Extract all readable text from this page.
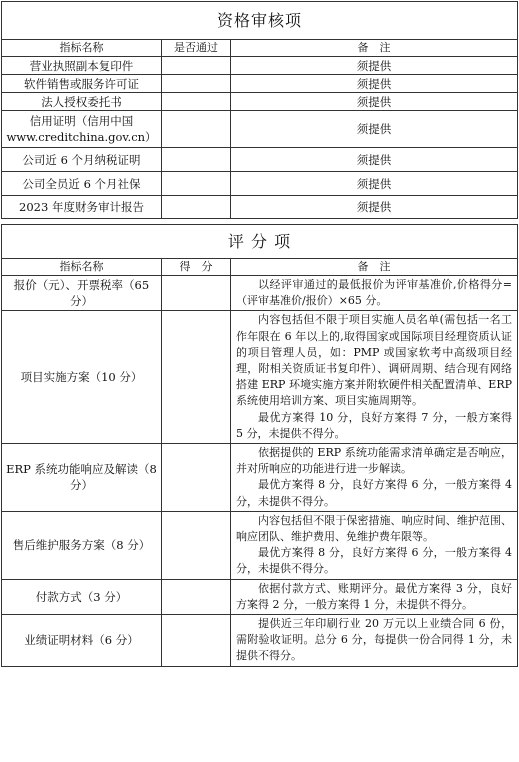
资格审核项		
指标名称	是否通过	备　注
营业执照副本复印件		须提供
软件销售或服务许可证		须提供
法人授权委托书		须提供
信用证明（信用中国 www.creditchina.gov.cn）		须提供
公司近 6 个月纳税证明		须提供
公司全员近 6 个月社保		须提供
2023 年度财务审计报告		须提供
评 分 项		
指标名称	得　分	备　注
报价（元）、开票税率（65 分）		以经评审通过的最低报价为评审基准价,价格得分=（评审基准价/报价）×65 分。

项目实施方案（10 分）		内容包括但不限于项目实施人员名单(需包括一名工作年限在 6 年以上的,取得国家或国际项目经理资质认证的项目管理人员，如：PMP 或国家软考中高级项目经理，附相关资质证书复印件）、调研周期、结合现有网络搭建 ERP 环境实施方案并附软硬件相关配置清单、ERP 系统使用培训方案、项目实施周期等。

最优方案得 10 分，良好方案得 7 分，一般方案得 5 分，未提供不得分。

ERP 系统功能响应及解读（8 分）		依据提供的 ERP 系统功能需求清单确定是否响应，并对所响应的功能进行进一步解读。

最优方案得 8 分，良好方案得 6 分，一般方案得 4 分，未提供不得分。

售后维护服务方案（8 分）		内容包括但不限于保密措施、响应时间、维护范围、响应团队、维护费用、免维护费年限等。

最优方案得 8 分，良好方案得 6 分，一般方案得 4 分，未提供不得分。

付款方式（3 分）		依据付款方式、账期评分。最优方案得 3 分，良好方案得 2 分，一般方案得 1 分，未提供不得分。

业绩证明材料（6 分）		提供近三年印刷行业 20 万元以上业绩合同 6 份，需附验收证明。总分 6 分，每提供一份合同得 1 分，未提供不得分。
